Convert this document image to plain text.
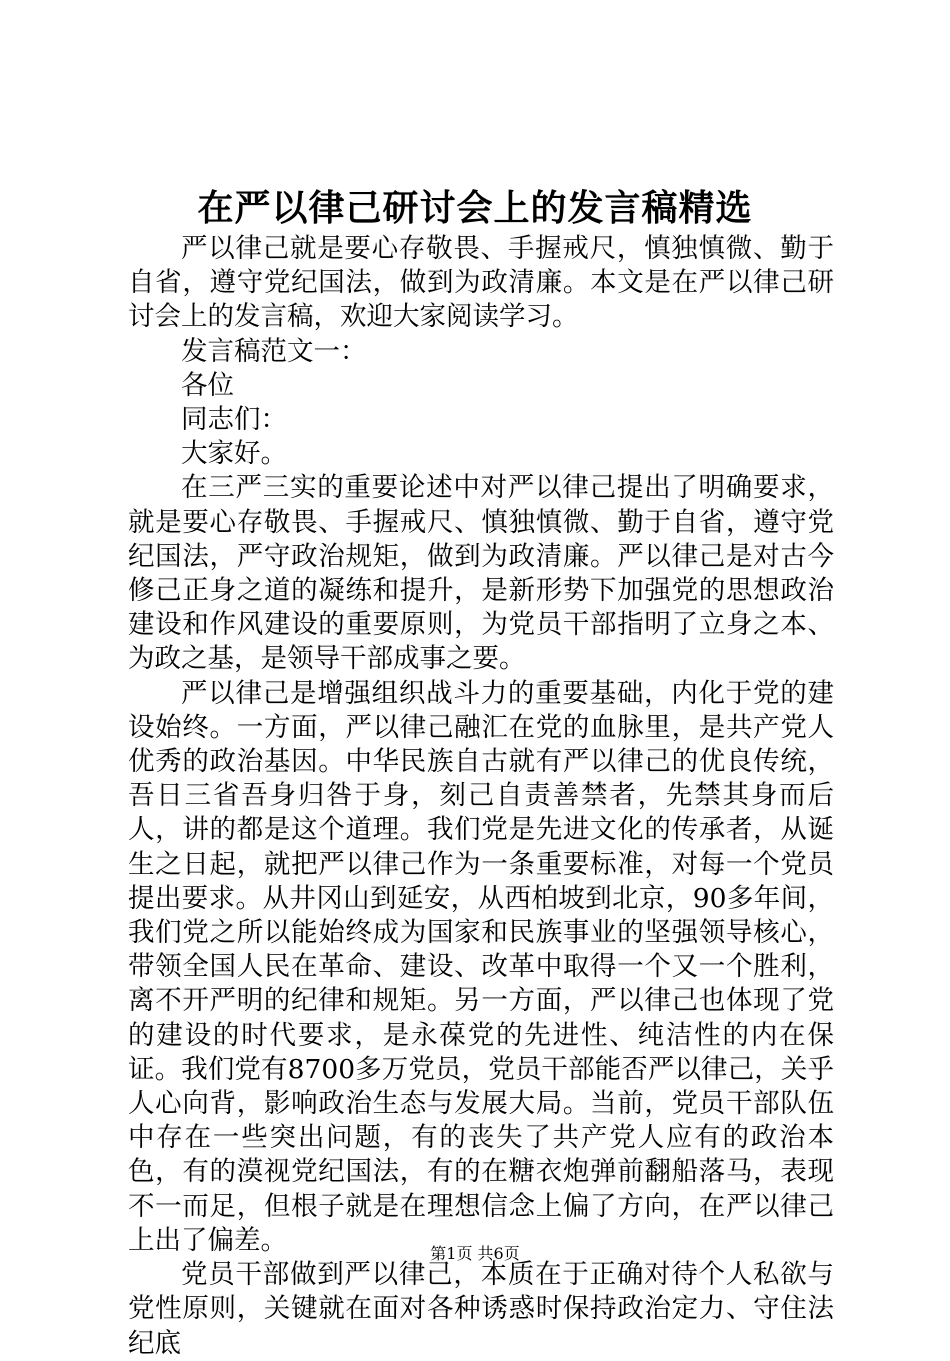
在严以律己研讨会上的发言稿精选

严以律己就是要心存敬畏、手握戒尺，慎独慎微、勤于自省，遵守党纪国法，做到为政清廉。本文是在严以律己研讨会上的发言稿，欢迎大家阅读学习。

发言稿范文一：

各位

同志们：

大家好。

在三严三实的重要论述中对严以律己提出了明确要求，就是要心存敬畏、手握戒尺、慎独慎微、勤于自省，遵守党纪国法，严守政治规矩，做到为政清廉。严以律己是对古今修己正身之道的凝练和提升，是新形势下加强党的思想政治建设和作风建设的重要原则，为党员干部指明了立身之本、为政之基，是领导干部成事之要。

严以律己是增强组织战斗力的重要基础，内化于党的建设始终。一方面，严以律己融汇在党的血脉里，是共产党人优秀的政治基因。中华民族自古就有严以律己的优良传统，吾日三省吾身归咎于身，刻己自责善禁者，先禁其身而后人，讲的都是这个道理。我们党是先进文化的传承者，从诞生之日起，就把严以律己作为一条重要标准，对每一个党员提出要求。从井冈山到延安，从西柏坡到北京，90多年间，我们党之所以能始终成为国家和民族事业的坚强领导核心，带领全国人民在革命、建设、改革中取得一个又一个胜利，离不开严明的纪律和规矩。另一方面，严以律己也体现了党的建设的时代要求，是永葆党的先进性、纯洁性的内在保证。我们党有8700多万党员，党员干部能否严以律己，关乎人心向背，影响政治生态与发展大局。当前，党员干部队伍中存在一些突出问题，有的丧失了共产党人应有的政治本色，有的漠视党纪国法，有的在糖衣炮弹前翻船落马，表现不一而足，但根子就是在理想信念上偏了方向，在严以律己上出了偏差。

党员干部做到严以律己，本质在于正确对待个人私欲与党性原则，关键就在面对各种诱惑时保持政治定力、守住法纪底

第1页 共6页
